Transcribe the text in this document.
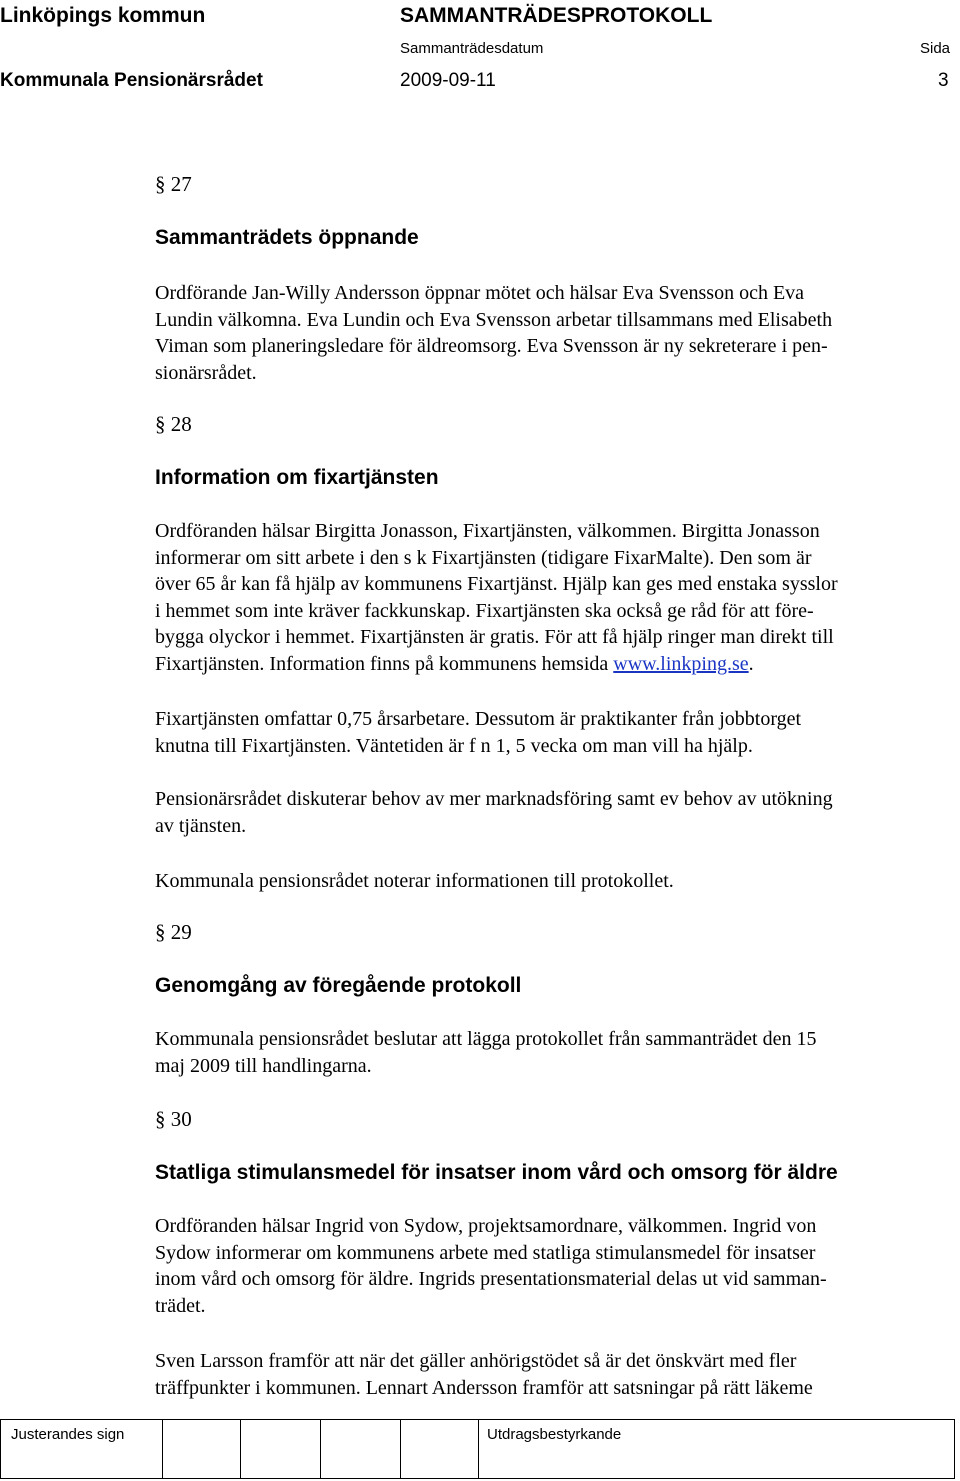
Linköpings kommun	SAMMANTRÄDESPROTOKOLL
Sammanträdesdatum	Sida
Kommunala Pensionärsrådet	2009-09-11	3
§ 27
Sammanträdets öppnande
Ordförande Jan-Willy Andersson öppnar mötet och hälsar Eva Svensson och Eva
Lundin välkomna. Eva Lundin och Eva Svensson arbetar tillsammans med Elisabeth
Viman som planeringsledare för äldreomsorg. Eva Svensson är ny sekreterare i pen-
sionärsrådet.
§ 28
Information om fixartjänsten
Ordföranden hälsar Birgitta Jonasson, Fixartjänsten, välkommen. Birgitta Jonasson
informerar om sitt arbete i den s k Fixartjänsten (tidigare FixarMalte). Den som är
över 65 år kan få hjälp av kommunens Fixartjänst. Hjälp kan ges med enstaka sysslor
i hemmet som inte kräver fackkunskap. Fixartjänsten ska också ge råd för att före-
bygga olyckor i hemmet. Fixartjänsten är gratis. För att få hjälp ringer man direkt till
Fixartjänsten. Information finns på kommunens hemsida www.linkping.se.
Fixartjänsten omfattar 0,75 årsarbetare. Dessutom är praktikanter från jobbtorget
knutna till Fixartjänsten. Väntetiden är f n 1, 5 vecka om man vill ha hjälp.
Pensionärsrådet diskuterar behov av mer marknadsföring samt ev behov av utökning
av tjänsten.
Kommunala pensionsrådet noterar informationen till protokollet.
§ 29
Genomgång av föregående protokoll
Kommunala pensionsrådet beslutar att lägga protokollet från sammanträdet den 15
maj 2009 till handlingarna.
§ 30
Statliga stimulansmedel för insatser inom vård och omsorg för äldre
Ordföranden hälsar Ingrid von Sydow, projektsamordnare, välkommen. Ingrid von
Sydow informerar om kommunens arbete med statliga stimulansmedel för insatser
inom vård och omsorg för äldre. Ingrids presentationsmaterial delas ut vid samman-
trädet.
Sven Larsson framför att när det gäller anhörigstödet så är det önskvärt med fler
träffpunkter i kommunen. Lennart Andersson framför att satsningar på rätt läkeme
Justerandes sign	Utdragsbestyrkande
